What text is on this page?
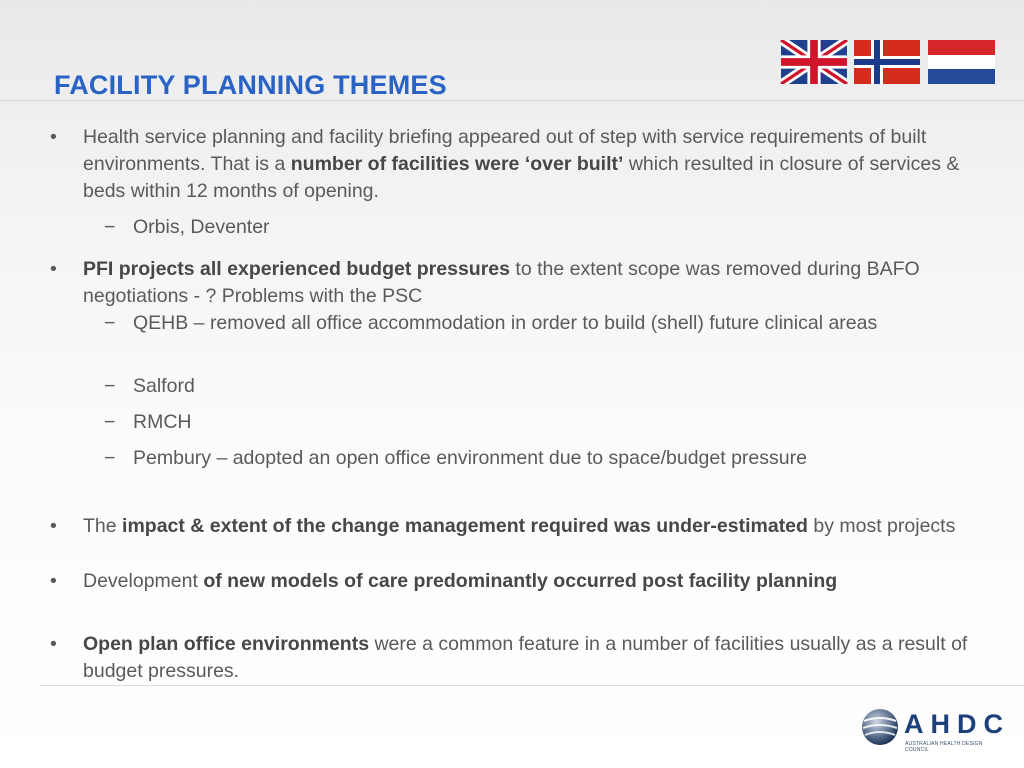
FACILITY PLANNING THEMES
•	Health service planning and facility briefing appeared out of step with service requirements of built environments. That is a number of facilities were ‘over built’ which resulted in closure of services & beds within 12 months of opening.
− Orbis, Deventer
•	PFI projects all experienced budget pressures to the extent scope was removed during BAFO negotiations - ? Problems with the PSC
− QEHB – removed all office accommodation in order to build (shell) future clinical areas
− Salford
− RMCH
− Pembury – adopted an open office environment due to space/budget pressure
•	The impact & extent of the change management required was under-estimated by most projects
•	Development of new models of care predominantly occurred post facility planning
•	Open plan office environments were a common feature in a number of facilities usually as a result of budget pressures.
AHDC
AUSTRALIAN HEALTH DESIGN COUNCIL
